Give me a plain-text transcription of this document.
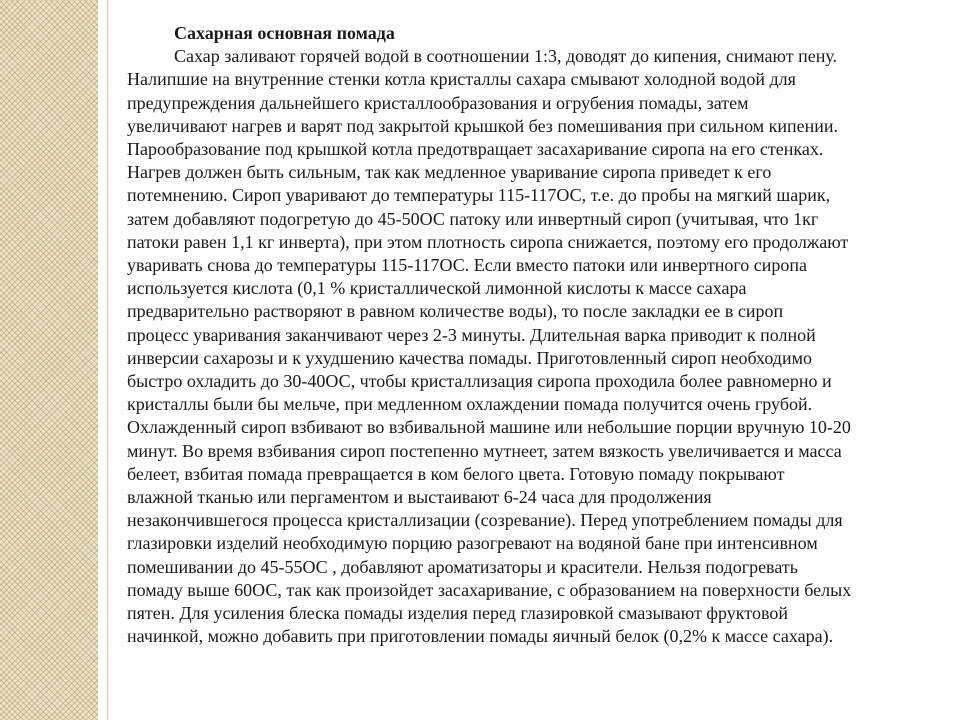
Сахарная основная помада
Сахар заливают горячей водой в соотношении 1:3, доводят до кипения, снимают пену.
Налипшие на внутренние стенки котла кристаллы сахара смывают холодной водой для
предупреждения дальнейшего кристаллообразования и огрубения помады, затем
увеличивают нагрев и варят под закрытой крышкой без помешивания при сильном кипении.
Парообразование под крышкой котла предотвращает засахаривание сиропа на его стенках.
Нагрев должен быть сильным, так как медленное уваривание сиропа приведет к его
потемнению. Сироп уваривают до температуры 115-117ОС, т.е. до пробы на мягкий шарик,
затем добавляют подогретую до 45-50ОС патоку или инвертный сироп (учитывая, что 1кг
патоки равен 1,1 кг инверта), при этом плотность сиропа снижается, поэтому его продолжают
уваривать снова до температуры 115-117ОС. Если вместо патоки или инвертного сиропа
используется кислота (0,1 % кристаллической лимонной кислоты к массе сахара
предварительно растворяют в равном количестве воды), то после закладки ее в сироп
процесс уваривания заканчивают через 2-3 минуты. Длительная варка приводит к полной
инверсии сахарозы и к ухудшению качества помады. Приготовленный сироп необходимо
быстро охладить до 30-40ОС, чтобы кристаллизация сиропа проходила более равномерно и
кристаллы были бы мельче, при медленном охлаждении помада получится очень грубой.
Охлажденный сироп взбивают во взбивальной машине или небольшие порции вручную 10-20
минут. Во время взбивания сироп постепенно мутнеет, затем вязкость увеличивается и масса
белеет, взбитая помада превращается в ком белого цвета. Готовую помаду покрывают
влажной тканью или пергаментом и выстаивают 6-24 часа для продолжения
незакончившегося процесса кристаллизации (созревание). Перед употреблением помады для
глазировки изделий необходимую порцию разогревают на водяной бане при интенсивном
помешивании до 45-55ОС , добавляют ароматизаторы и красители. Нельзя подогревать
помаду выше 60ОС, так как произойдет засахаривание, с образованием на поверхности белых
пятен. Для усиления блеска помады изделия перед глазировкой смазывают фруктовой
начинкой, можно добавить при приготовлении помады яичный белок (0,2% к массе сахара).
